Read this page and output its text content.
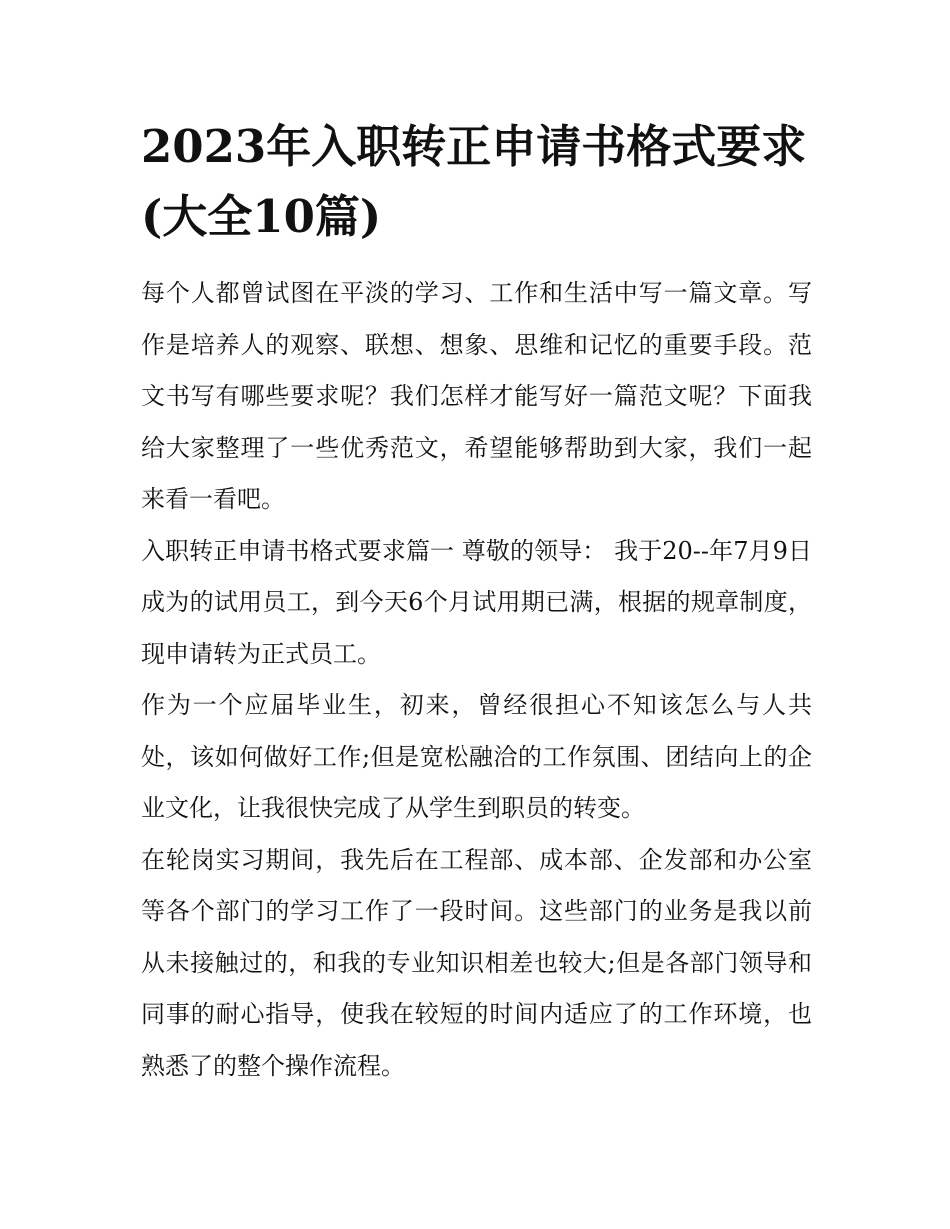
2023年入职转正申请书格式要求(大全10篇)

每个人都曾试图在平淡的学习、工作和生活中写一篇文章。写作是培养人的观察、联想、想象、思维和记忆的重要手段。范文书写有哪些要求呢？我们怎样才能写好一篇范文呢？下面我给大家整理了一些优秀范文，希望能够帮助到大家，我们一起来看一看吧。

入职转正申请书格式要求篇一 尊敬的领导： 我于20--年7月9日成为的试用员工，到今天6个月试用期已满，根据的规章制度，现申请转为正式员工。

作为一个应届毕业生，初来，曾经很担心不知该怎么与人共处，该如何做好工作;但是宽松融洽的工作氛围、团结向上的企业文化，让我很快完成了从学生到职员的转变。

在轮岗实习期间，我先后在工程部、成本部、企发部和办公室等各个部门的学习工作了一段时间。这些部门的业务是我以前从未接触过的，和我的专业知识相差也较大;但是各部门领导和同事的耐心指导，使我在较短的时间内适应了的工作环境，也熟悉了的整个操作流程。
